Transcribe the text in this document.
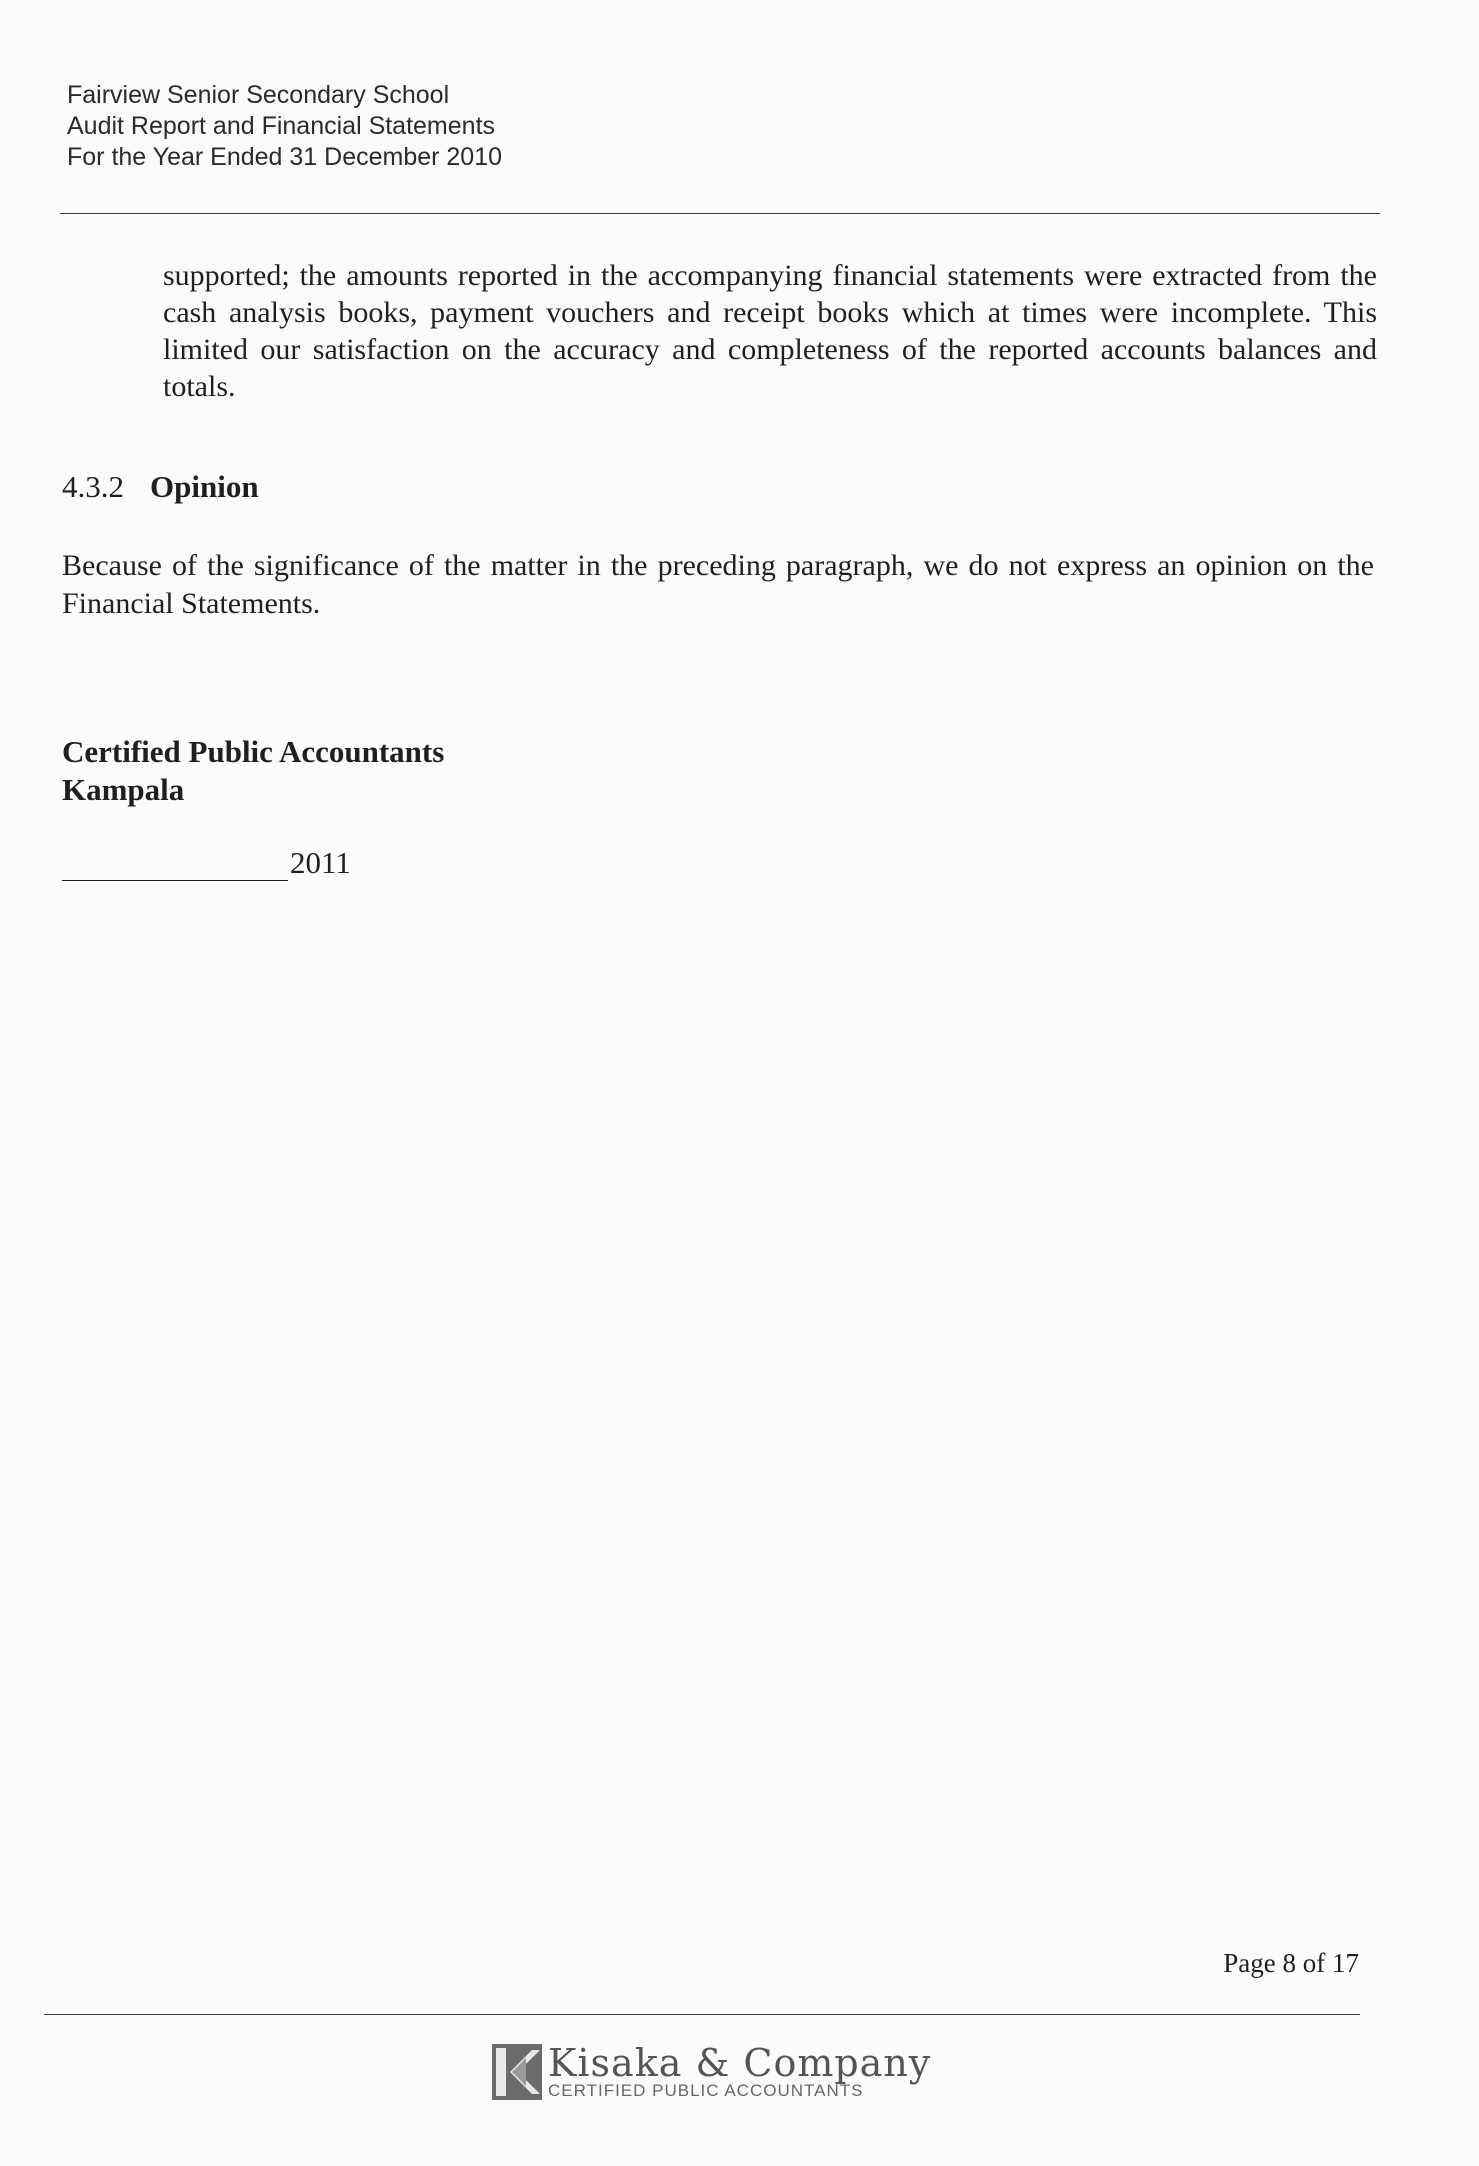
Fairview Senior Secondary School
Audit Report and Financial Statements
For the Year Ended 31 December 2010

supported; the amounts reported in the accompanying financial statements were extracted from the cash analysis books, payment vouchers and receipt books which at times were incomplete. This limited our satisfaction on the accuracy and completeness of the reported accounts balances and totals.

4.3.2 Opinion

Because of the significance of the matter in the preceding paragraph, we do not express an opinion on the Financial Statements.

Certified Public Accountants
Kampala
2011
Page 8 of 17
Kisaka & Company
CERTIFIED PUBLIC ACCOUNTANTS
